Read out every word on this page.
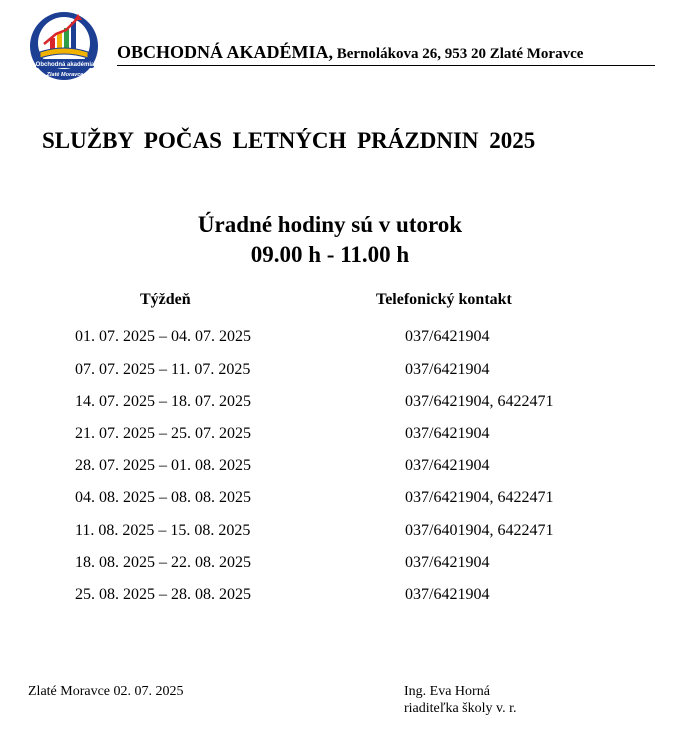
Obchodná akadémia
Zlaté Moravce
OBCHODNÁ AKADÉMIA, Bernolákova 26, 953 20 Zlaté Moravce
SLUŽBY POČAS LETNÝCH PRÁZDNIN 2025
Úradné hodiny sú v utorok
09.00 h - 11.00 h
Týždeň	Telefonický kontakt
01. 07. 2025 – 04. 07. 2025	037/6421904
07. 07. 2025 – 11. 07. 2025	037/6421904
14. 07. 2025 – 18. 07. 2025	037/6421904, 6422471
21. 07. 2025 – 25. 07. 2025	037/6421904
28. 07. 2025 – 01. 08. 2025	037/6421904
04. 08. 2025 – 08. 08. 2025	037/6421904, 6422471
11. 08. 2025 – 15. 08. 2025	037/6401904, 6422471
18. 08. 2025 – 22. 08. 2025	037/6421904
25. 08. 2025 – 28. 08. 2025	037/6421904
Zlaté Moravce 02. 07. 2025	Ing. Eva Horná
riaditeľka školy v. r.
